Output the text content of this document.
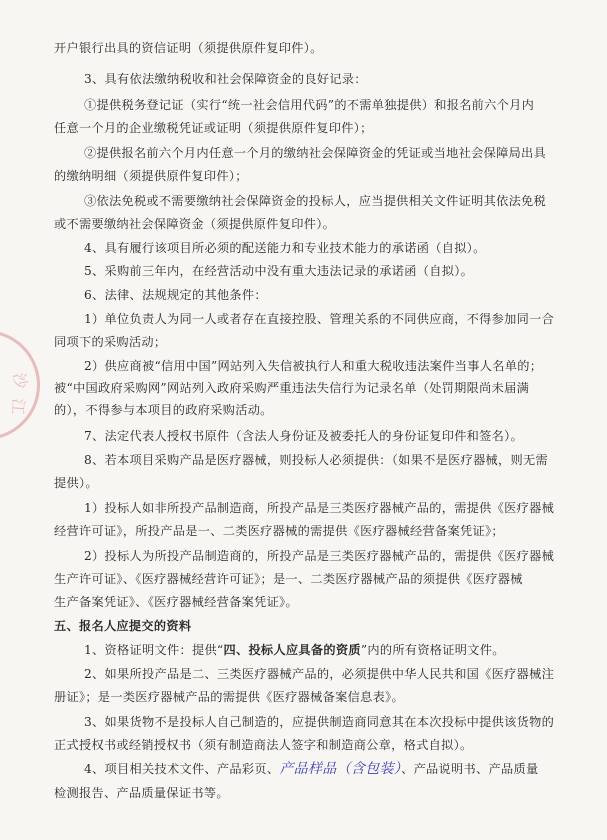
沙
江
开户银行出具的资信证明（须提供原件复印件）。
3、具有依法缴纳税收和社会保障资金的良好记录：
①提供税务登记证（实行“统一社会信用代码”的不需单独提供）和报名前六个月内
任意一个月的企业缴税凭证或证明（须提供原件复印件）；
②提供报名前六个月内任意一个月的缴纳社会保障资金的凭证或当地社会保障局出具
的缴纳明细（须提供原件复印件）；
③依法免税或不需要缴纳社会保障资金的投标人，应当提供相关文件证明其依法免税
或不需要缴纳社会保障资金（须提供原件复印件）。
4、具有履行该项目所必须的配送能力和专业技术能力的承诺函（自拟）。
5、采购前三年内，在经营活动中没有重大违法记录的承诺函（自拟）。
6、法律、法规规定的其他条件：
1）单位负责人为同一人或者存在直接控股、管理关系的不同供应商，不得参加同一合
同项下的采购活动；
2）供应商被“信用中国”网站列入失信被执行人和重大税收违法案件当事人名单的；
被“中国政府采购网”网站列入政府采购严重违法失信行为记录名单（处罚期限尚未届满
的），不得参与本项目的政府采购活动。
7、法定代表人授权书原件（含法人身份证及被委托人的身份证复印件和签名）。
8、若本项目采购产品是医疗器械，则投标人必须提供：（如果不是医疗器械，则无需
提供）。
1）投标人如非所投产品制造商，所投产品是三类医疗器械产品的，需提供《医疗器械
经营许可证》，所投产品是一、二类医疗器械的需提供《医疗器械经营备案凭证》；
2）投标人为所投产品制造商的，所投产品是三类医疗器械产品的，需提供《医疗器械
生产许可证》、《医疗器械经营许可证》；是一、二类医疗器械产品的须提供《医疗器械
生产备案凭证》、《医疗器械经营备案凭证》。
五、报名人应提交的资料
1、资格证明文件：提供“四、投标人应具备的资质”内的所有资格证明文件。
2、如果所投产品是二、三类医疗器械产品的，必须提供中华人民共和国《医疗器械注
册证》；是一类医疗器械产品的需提供《医疗器械备案信息表》。
3、如果货物不是投标人自己制造的，应提供制造商同意其在本次投标中提供该货物的
正式授权书或经销授权书（须有制造商法人签字和制造商公章，格式自拟）。
4、项目相关技术文件、产品彩页、产品样品（含包装）、产品说明书、产品质量
检测报告、产品质量保证书等。
